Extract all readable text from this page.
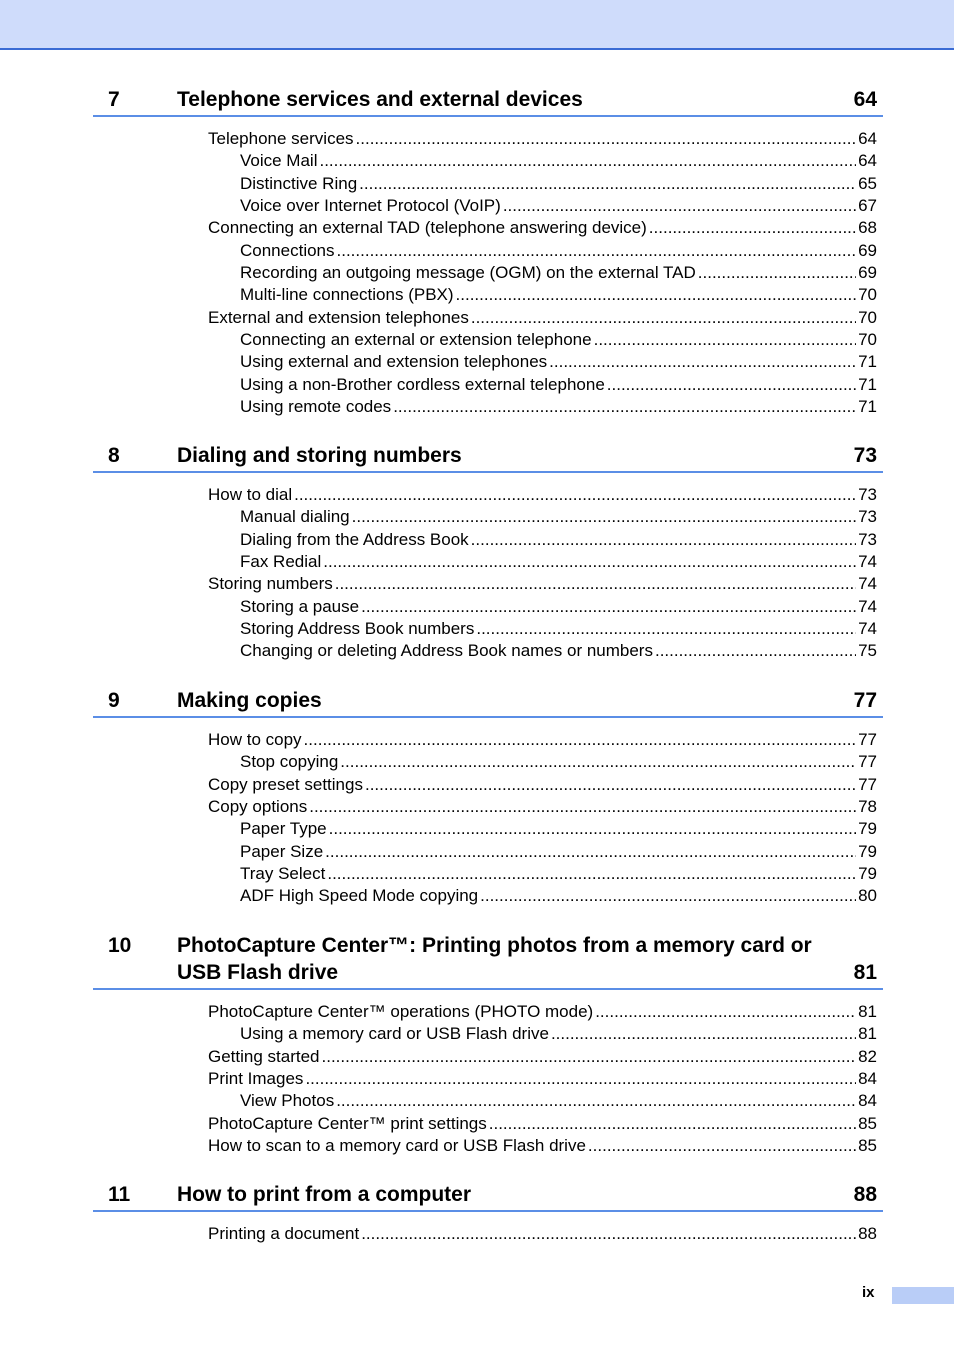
7	Telephone services and external devices	64
Telephone services .....	64
Voice Mail .....	64
Distinctive Ring .....	65
Voice over Internet Protocol (VoIP) .....	67
Connecting an external TAD (telephone answering device) .....	68
Connections .....	69
Recording an outgoing message (OGM) on the external TAD .....	69
Multi-line connections (PBX) .....	70
External and extension telephones .....	70
Connecting an external or extension telephone .....	70
Using external and extension telephones .....	71
Using a non-Brother cordless external telephone .....	71
Using remote codes .....	71
8	Dialing and storing numbers	73
How to dial .....	73
Manual dialing .....	73
Dialing from the Address Book .....	73
Fax Redial .....	74
Storing numbers .....	74
Storing a pause .....	74
Storing Address Book numbers .....	74
Changing or deleting Address Book names or numbers .....	75
9	Making copies	77
How to copy .....	77
Stop copying .....	77
Copy preset settings .....	77
Copy options .....	78
Paper Type .....	79
Paper Size .....	79
Tray Select .....	79
ADF High Speed Mode copying .....	80
10 PhotoCapture Center™: Printing photos from a memory card or USB Flash drive	81
PhotoCapture Center™ operations (PHOTO mode) .....	81
Using a memory card or USB Flash drive .....	81
Getting started .....	82
Print Images .....	84
View Photos .....	84
PhotoCapture Center™ print settings .....	85
How to scan to a memory card or USB Flash drive .....	85
11 How to print from a computer	88
Printing a document .....	88
ix
